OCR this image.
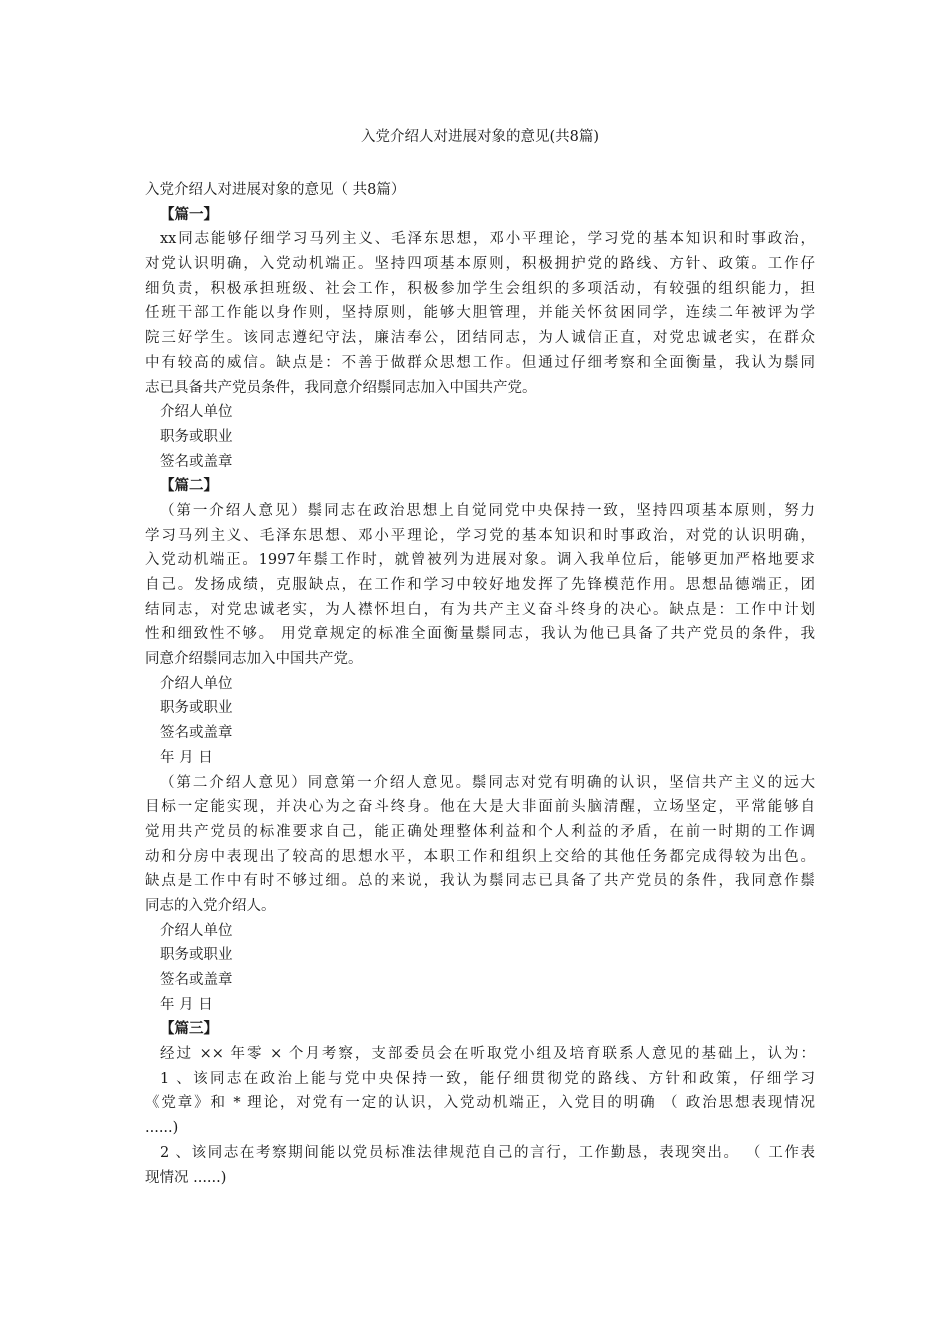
入党介绍人对进展对象的意见(共8篇)
入党介绍人对进展对象的意见（ 共8篇）
【篇一】
xx同志能够仔细学习马列主义、毛泽东思想，邓小平理论，学习党的基本知识和时事政治，
对党认识明确，入党动机端正。坚持四项基本原则，积极拥护党的路线、方针、政策。工作仔
细负责，积极承担班级、社会工作，积极参加学生会组织的多项活动，有较强的组织能力，担
任班干部工作能以身作则，坚持原则，能够大胆管理，并能关怀贫困同学，连续二年被评为学
院三好学生。该同志遵纪守法，廉洁奉公，团结同志，为人诚信正直，对党忠诚老实，在群众
中有较高的威信。缺点是：不善于做群众思想工作。但通过仔细考察和全面衡量，我认为鬃同
志已具备共产党员条件，我同意介绍鬃同志加入中国共产党。
介绍人单位
职务或职业
签名或盖章
【篇二】
（第一介绍人意见）鬃同志在政治思想上自觉同党中央保持一致，坚持四项基本原则，努力
学习马列主义、毛泽东思想、邓小平理论，学习党的基本知识和时事政治，对党的认识明确，
入党动机端正。1997年鬃工作时，就曾被列为进展对象。调入我单位后，能够更加严格地要求
自己。发扬成绩，克服缺点，在工作和学习中较好地发挥了先锋模范作用。思想品德端正，团
结同志，对党忠诚老实，为人襟怀坦白，有为共产主义奋斗终身的决心。缺点是：工作中计划
性和细致性不够。 用党章规定的标准全面衡量鬃同志，我认为他已具备了共产党员的条件，我
同意介绍鬃同志加入中国共产党。
介绍人单位
职务或职业
签名或盖章
年 月 日
（第二介绍人意见）同意第一介绍人意见。鬃同志对党有明确的认识，坚信共产主义的远大
目标一定能实现，并决心为之奋斗终身。他在大是大非面前头脑清醒，立场坚定，平常能够自
觉用共产党员的标准要求自己，能正确处理整体利益和个人利益的矛盾，在前一时期的工作调
动和分房中表现出了较高的思想水平，本职工作和组织上交给的其他任务都完成得较为出色。
缺点是工作中有时不够过细。总的来说，我认为鬃同志已具备了共产党员的条件，我同意作鬃
同志的入党介绍人。
介绍人单位
职务或职业
签名或盖章
年 月 日
【篇三】
经过 ×× 年零 × 个月考察，支部委员会在听取党小组及培育联系人意见的基础上，认为：
1 、该同志在政治上能与党中央保持一致，能仔细贯彻党的路线、方针和政策，仔细学习
《党章》和 * 理论，对党有一定的认识，入党动机端正，入党目的明确 （ 政治思想表现情况
......)
2 、该同志在考察期间能以党员标准法律规范自己的言行，工作勤恳，表现突出。 （ 工作表
现情况 ......)
